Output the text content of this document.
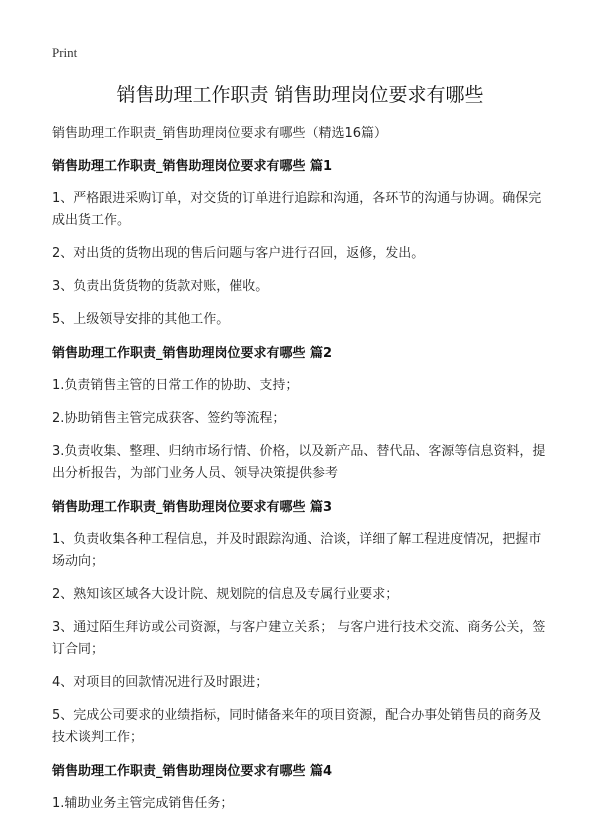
Print

销售助理工作职责 销售助理岗位要求有哪些

销售助理工作职责_销售助理岗位要求有哪些（精选16篇）

销售助理工作职责_销售助理岗位要求有哪些 篇1

1、严格跟进采购订单，对交货的订单进行追踪和沟通，各环节的沟通与协调。确保完成出货工作。

2、对出货的货物出现的售后问题与客户进行召回，返修，发出。

3、负责出货货物的货款对账，催收。

5、上级领导安排的其他工作。

销售助理工作职责_销售助理岗位要求有哪些 篇2

1.负责销售主管的日常工作的协助、支持；

2.协助销售主管完成获客、签约等流程；

3.负责收集、整理、归纳市场行情、价格，以及新产品、替代品、客源等信息资料，提出分析报告，为部门业务人员、领导决策提供参考

销售助理工作职责_销售助理岗位要求有哪些 篇3

1、负责收集各种工程信息，并及时跟踪沟通、洽谈，详细了解工程进度情况，把握市场动向；

2、熟知该区域各大设计院、规划院的信息及专属行业要求；

3、通过陌生拜访或公司资源，与客户建立关系； 与客户进行技术交流、商务公关，签订合同；

4、对项目的回款情况进行及时跟进；

5、完成公司要求的业绩指标，同时储备来年的项目资源，配合办事处销售员的商务及技术谈判工作；

销售助理工作职责_销售助理岗位要求有哪些 篇4

1.辅助业务主管完成销售任务；
